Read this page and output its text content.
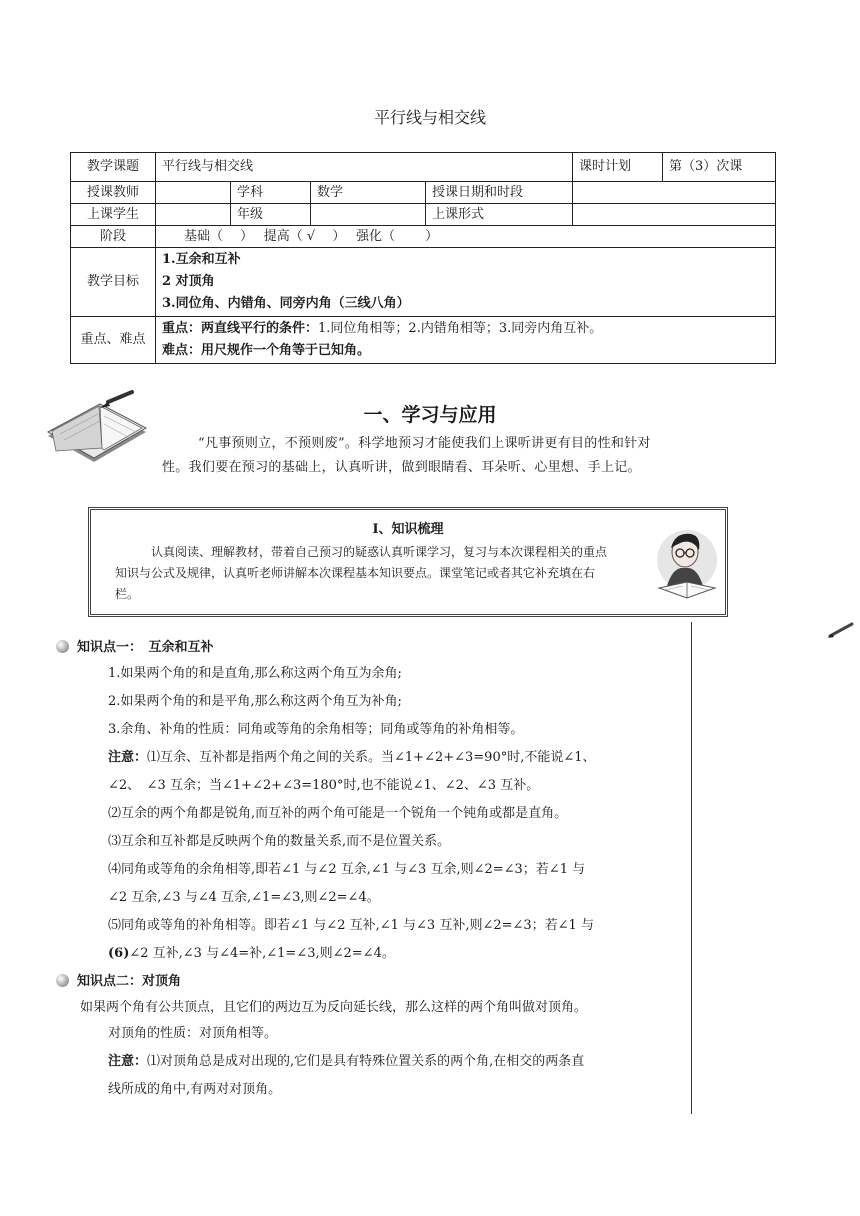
平行线与相交线
教学课题	平行线与相交线				课时计划	第（3）次课
授课教师		学科	数学	授课日期和时段		
上课学生		年级		上课形式		
阶段	基础（　 ）　 提高（ √　 ）　 强化（　　 ）					
教学目标	1.互余和互补
2 对顶角
3.同位角、内错角、同旁内角（三线八角）					

重点、难点	重点：两直线平行的条件：1.同位角相等；2.内错角相等；3.同旁内角互补。
难点：用尺规作一个角等于已知角。					
一、学习与应用

“凡事预则立，不预则废”。科学地预习才能使我们上课听讲更有目的性和针对

性。我们要在预习的基础上，认真听讲，做到眼睛看、耳朵听、心里想、手上记。

Ⅰ、知识梳理
认真阅读、理解教材，带着自己预习的疑惑认真听课学习，复习与本次课程相关的重点
知识与公式及规律，认真听老师讲解本次课程基本知识要点。课堂笔记或者其它补充填在右
栏。
知识点一：　互余和互补
1.如果两个角的和是直角,那么称这两个角互为余角;
2.如果两个角的和是平角,那么称这两个角互为补角;
3.余角、补角的性质：同角或等角的余角相等；同角或等角的补角相等。
注意：⑴互余、互补都是指两个角之间的关系。当∠1+∠2+∠3=90°时,不能说∠1、
∠2、　∠3 互余；当∠1+∠2+∠3=180°时,也不能说∠1、∠2、∠3 互补。
⑵互余的两个角都是锐角,而互补的两个角可能是一个锐角一个钝角或都是直角。
⑶互余和互补都是反映两个角的数量关系,而不是位置关系。
⑷同角或等角的余角相等,即若∠1 与∠2 互余,∠1 与∠3 互余,则∠2=∠3；若∠1 与
∠2 互余,∠3 与∠4 互余,∠1=∠3,则∠2=∠4。
⑸同角或等角的补角相等。即若∠1 与∠2 互补,∠1 与∠3 互补,则∠2=∠3；若∠1 与
(6)∠2 互补,∠3 与∠4=补,∠1=∠3,则∠2=∠4。
知识点二：对顶角
如果两个角有公共顶点，且它们的两边互为反向延长线，那么这样的两个角叫做对顶角。
对顶角的性质：对顶角相等。
注意：⑴对顶角总是成对出现的,它们是具有特殊位置关系的两个角,在相交的两条直
线所成的角中,有两对对顶角。
